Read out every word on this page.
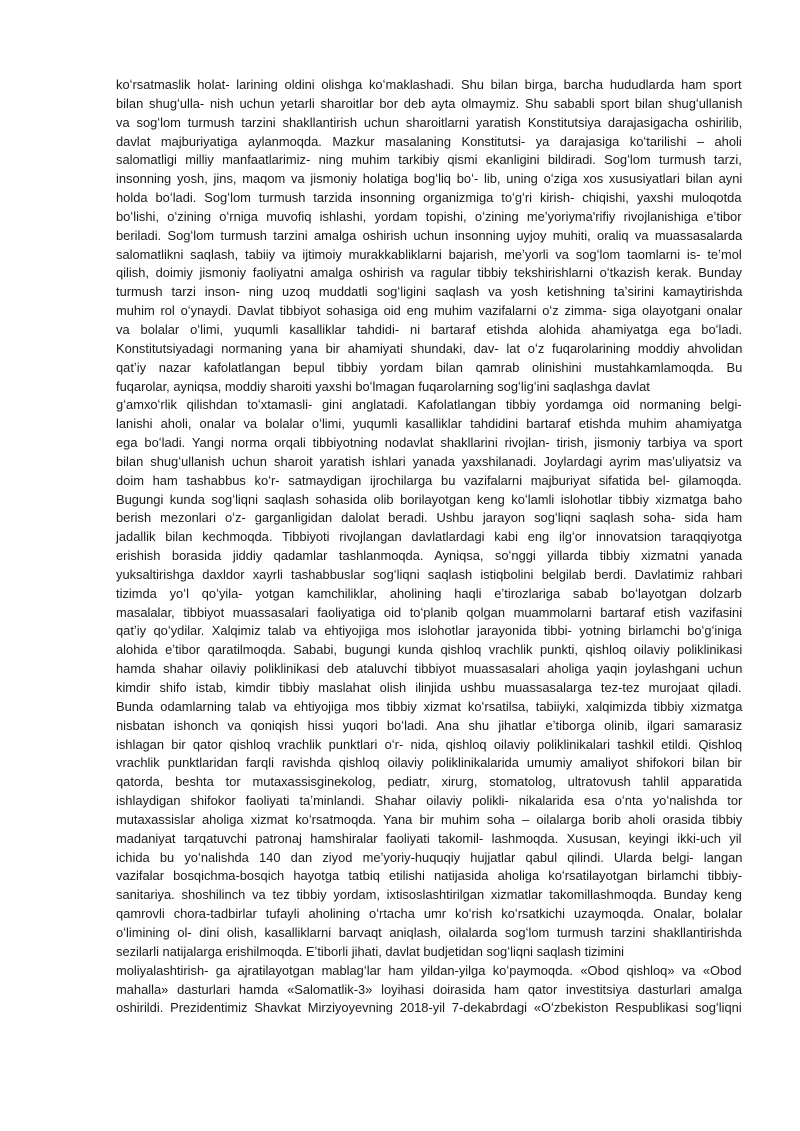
koʻrsatmaslik holat- larining oldini olishga koʻmaklashadi. Shu bilan birga, barcha hududlarda ham sport
bilan shugʻulla- nish uchun yetarli sharoitlar bor deb ayta olmaymiz. Shu sababli sport bilan shugʻullanish
va sogʻlom turmush tarzini shakllantirish uchun sharoitlarni yaratish Konstitutsiya darajasigacha oshirilib,
davlat majburiyatiga aylanmoqda. Mazkur masalaning Konstitutsi- ya darajasiga koʻtarilishi – aholi
salomatligi milliy manfaatlarimiz- ning muhim tarkibiy qismi ekanligini bildiradi. Sogʻlom turmush tarzi,
insonning yosh, jins, maqom va jismoniy holatiga bogʻliq boʻ- lib, uning oʻziga xos xususiyatlari bilan ayni
holda boʻladi. Sogʻlom turmush tarzida insonning organizmiga toʻgʻri kirish- chiqishi, yaxshi muloqotda
boʻlishi, oʻzining oʻrniga muvofiq ishlashi, yordam topishi, oʻzining meʼyoriyma'rifiy rivojlanishiga eʼtibor
beriladi. Sogʻlom turmush tarzini amalga oshirish uchun insonning uyjoy muhiti, oraliq va muassasalarda
salomatlikni saqlash, tabiiy va ijtimoiy murakkabliklarni bajarish, meʼyorli va sogʻlom taomlarni is- teʼmol
qilish, doimiy jismoniy faoliyatni amalga oshirish va ragular tibbiy tekshirishlarni oʻtkazish kerak. Bunday
turmush tarzi inson- ning uzoq muddatli sogʻligini saqlash va yosh ketishning taʼsirini kamaytirishda
muhim rol oʻynaydi. Davlat tibbiyot sohasiga oid eng muhim vazifalarni oʻz zimma- siga olayotgani onalar
va bolalar oʻlimi, yuqumli kasalliklar tahdidi- ni bartaraf etishda alohida ahamiyatga ega boʻladi.
Konstitutsiyadagi normaning yana bir ahamiyati shundaki, dav- lat oʻz fuqarolarining moddiy ahvolidan
qatʼiy nazar kafolatlangan bepul tibbiy yordam bilan qamrab olinishini mustahkamlamoqda. Bu
fuqarolar, ayniqsa, moddiy sharoiti yaxshi boʻlmagan fuqarolarning sogʻligʻini saqlashga davlat
gʻamxoʻrlik qilishdan toʻxtamasli- gini anglatadi. Kafolatlangan tibbiy yordamga oid normaning belgi-
lanishi aholi, onalar va bolalar oʻlimi, yuqumli kasalliklar tahdidini bartaraf etishda muhim ahamiyatga
ega boʻladi. Yangi norma orqali tibbiyotning nodavlat shakllarini rivojlan- tirish, jismoniy tarbiya va sport
bilan shugʻullanish uchun sharoit yaratish ishlari yanada yaxshilanadi. Joylardagi ayrim masʼuliyatsiz va
doim ham tashabbus koʻr- satmaydigan ijrochilarga bu vazifalarni majburiyat sifatida bel- gilamoqda.
Bugungi kunda sogʻliqni saqlash sohasida olib borilayotgan keng koʻlamli islohotlar tibbiy xizmatga baho
berish mezonlari oʻz- garganligidan dalolat beradi. Ushbu jarayon sogʻliqni saqlash soha- sida ham
jadallik bilan kechmoqda. Tibbiyoti rivojlangan davlatlardagi kabi eng ilgʻor innovatsion taraqqiyotga
erishish borasida jiddiy qadamlar tashlanmoqda. Ayniqsa, soʻnggi yillarda tibbiy xizmatni yanada
yuksaltirishga daxldor xayrli tashabbuslar sogʻliqni saqlash istiqbolini belgilab berdi. Davlatimiz rahbari
tizimda yoʻl qoʻyila- yotgan kamchiliklar, aholining haqli eʼtirozlariga sabab boʻlayotgan dolzarb
masalalar, tibbiyot muassasalari faoliyatiga oid toʻplanib qolgan muammolarni bartaraf etish vazifasini
qatʼiy qoʻydilar. Xalqimiz talab va ehtiyojiga mos islohotlar jarayonida tibbi- yotning birlamchi boʻgʻiniga
alohida eʼtibor qaratilmoqda. Sababi, bugungi kunda qishloq vrachlik punkti, qishloq oilaviy poliklinikasi
hamda shahar oilaviy poliklinikasi deb ataluvchi tibbiyot muassasalari aholiga yaqin joylashgani uchun
kimdir shifo istab, kimdir tibbiy maslahat olish ilinjida ushbu muassasalarga tez-tez murojaat qiladi.
Bunda odamlarning talab va ehtiyojiga mos tibbiy xizmat koʻrsatilsa, tabiiyki, xalqimizda tibbiy xizmatga
nisbatan ishonch va qoniqish hissi yuqori boʻladi. Ana shu jihatlar eʼtiborga olinib, ilgari samarasiz
ishlagan bir qator qishloq vrachlik punktlari oʻr- nida, qishloq oilaviy poliklinikalari tashkil etildi. Qishloq
vrachlik punktlaridan farqli ravishda qishloq oilaviy poliklinikalarida umumiy amaliyot shifokori bilan bir
qatorda, beshta tor mutaxassisginekolog, pediatr, xirurg, stomatolog, ultratovush tahlil apparatida
ishlaydigan shifokor faoliyati taʼminlandi. Shahar oilaviy polikli- nikalarida esa oʻnta yoʻnalishda tor
mutaxassislar aholiga xizmat koʻrsatmoqda. Yana bir muhim soha – oilalarga borib aholi orasida tibbiy
madaniyat tarqatuvchi patronaj hamshiralar faoliyati takomil- lashmoqda. Xususan, keyingi ikki-uch yil
ichida bu yoʻnalishda 140 dan ziyod meʼyoriy-huquqiy hujjatlar qabul qilindi. Ularda belgi- langan
vazifalar bosqichma-bosqich hayotga tatbiq etilishi natijasida aholiga koʻrsatilayotgan birlamchi tibbiy-
sanitariya. shoshilinch va tez tibbiy yordam, ixtisoslashtirilgan xizmatlar takomillashmoqda. Bunday keng
qamrovli chora-tadbirlar tufayli aholining oʻrtacha umr koʻrish koʻrsatkichi uzaymoqda. Onalar, bolalar
oʻlimining ol- dini olish, kasalliklarni barvaqt aniqlash, oilalarda sogʻlom turmush tarzini shakllantirishda
sezilarli natijalarga erishilmoqda. Eʼtiborli jihati, davlat budjetidan sogʻliqni saqlash tizimini
moliyalashtirish- ga ajratilayotgan mablagʻlar ham yildan-yilga koʻpaymoqda. «Obod qishloq» va «Obod
mahalla» dasturlari hamda «Salomatlik-3» loyihasi doirasida ham qator investitsiya dasturlari amalga
oshirildi. Prezidentimiz Shavkat Mirziyoyevning 2018-yil 7-dekabrdagi «Oʻzbekiston Respublikasi sogʻliqni
